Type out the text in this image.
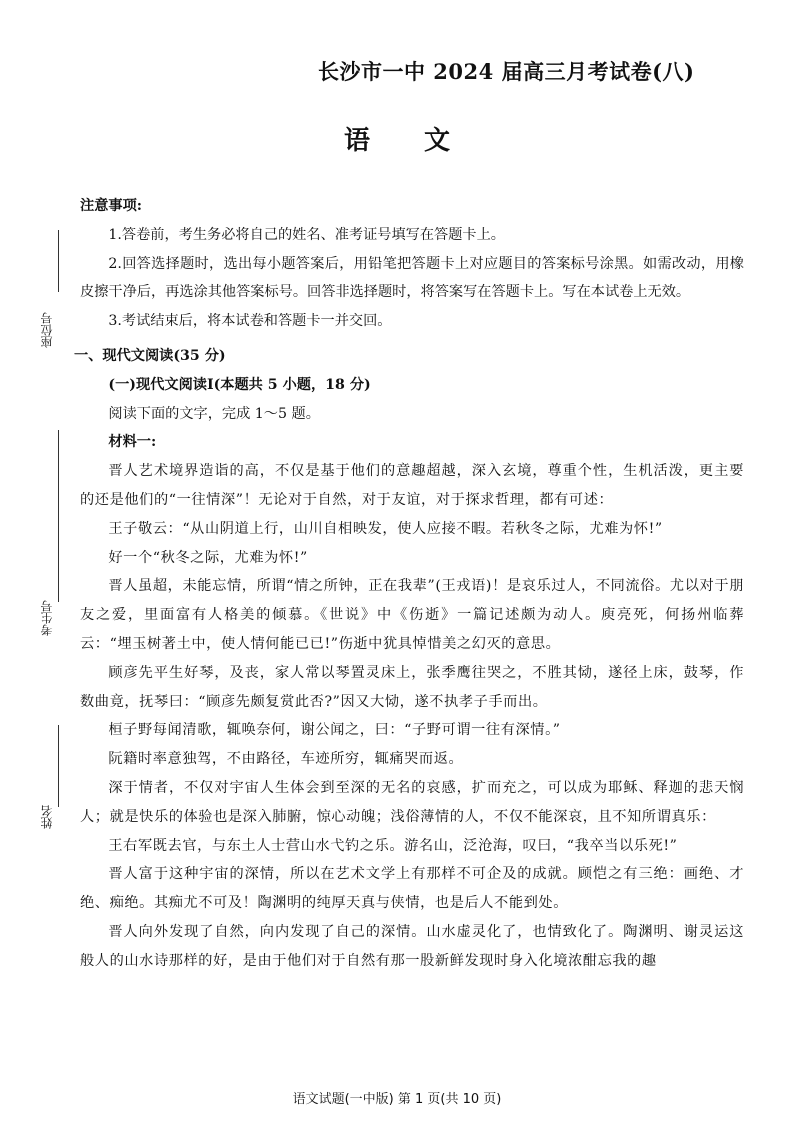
长沙市一中 2024 届高三月考试卷(八)
语文
座位号
考生号
姓名

注意事项:

1.答卷前，考生务必将自己的姓名、准考证号填写在答题卡上。

2.回答选择题时，选出每小题答案后，用铅笔把答题卡上对应题目的答案标号涂黑。如需改动，用橡皮擦干净后，再选涂其他答案标号。回答非选择题时，将答案写在答题卡上。写在本试卷上无效。

3.考试结束后，将本试卷和答题卡一并交回。

一、现代文阅读(35 分)

(一)现代文阅读Ⅰ(本题共 5 小题，18 分)

阅读下面的文字，完成 1～5 题。

材料一:

晋人艺术境界造诣的高，不仅是基于他们的意趣超越，深入玄境，尊重个性，生机活泼，更主要的还是他们的“一往情深”！无论对于自然，对于友谊，对于探求哲理，都有可述：

王子敬云：“从山阴道上行，山川自相映发，使人应接不暇。若秋冬之际，尤难为怀!”

好一个“秋冬之际，尤难为怀!”

晋人虽超，未能忘情，所谓“情之所钟，正在我辈”(王戎语)！是哀乐过人，不同流俗。尤以对于朋友之爱，里面富有人格美的倾慕。《世说》中《伤逝》一篇记述颇为动人。庾亮死，何扬州临葬云：“埋玉树著土中，使人情何能已已!”伤逝中犹具悼惜美之幻灭的意思。

顾彦先平生好琴，及丧，家人常以琴置灵床上，张季鹰往哭之，不胜其恸，遂径上床，鼓琴，作数曲竟，抚琴曰：“顾彦先颇复赏此否?”因又大恸，遂不执孝子手而出。

桓子野每闻清歌，辄唤奈何，谢公闻之，曰：“子野可谓一往有深情。”

阮籍时率意独驾，不由路径，车迹所穷，辄痛哭而返。

深于情者，不仅对宇宙人生体会到至深的无名的哀感，扩而充之，可以成为耶稣、释迦的悲天悯人；就是快乐的体验也是深入肺腑，惊心动魄；浅俗薄情的人，不仅不能深哀，且不知所谓真乐：

王右军既去官，与东土人士营山水弋钓之乐。游名山，泛沧海，叹曰，“我卒当以乐死!”

晋人富于这种宇宙的深情，所以在艺术文学上有那样不可企及的成就。顾恺之有三绝：画绝、才绝、痴绝。其痴尤不可及！陶渊明的纯厚天真与侠情，也是后人不能到处。

晋人向外发现了自然，向内发现了自己的深情。山水虚灵化了，也情致化了。陶渊明、谢灵运这般人的山水诗那样的好，是由于他们对于自然有那一股新鲜发现时身入化境浓酣忘我的趣

语文试题(一中版) 第 1 页(共 10 页)
